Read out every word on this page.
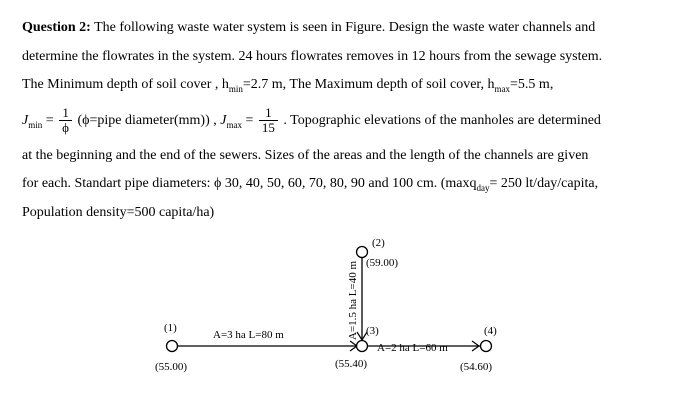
Question 2: The following waste water system is seen in Figure. Design the waste water channels and
determine the flowrates in the system. 24 hours flowrates removes in 12 hours from the sewage system.
The Minimum depth of soil cover , $h_{min}=2.7$ m, The Maximum depth of soil cover, $h_{max}=5.5$ m,
$J_{min} = \frac{1}{\phi}$ (ϕ=pipe diameter(mm)) , $J_{max} = \frac{1}{15}$ . Topographic elevations of the manholes are determined
at the beginning and the end of the sewers. Sizes of the areas and the length of the channels are given
for each. Standart pipe diameters: ϕ 30, 40, 50, 60, 70, 80, 90 and 100 cm. (maxq$_{day}$= 250 lt/day/capita,
Population density=500 capita/ha)
(1)
(55.00)
(2)
(59.00)
(3)
(55.40)
(4)
(54.60)
A=3 ha L=80 m
A=2 ha L=60 m
A=1.5 ha L=40 m
